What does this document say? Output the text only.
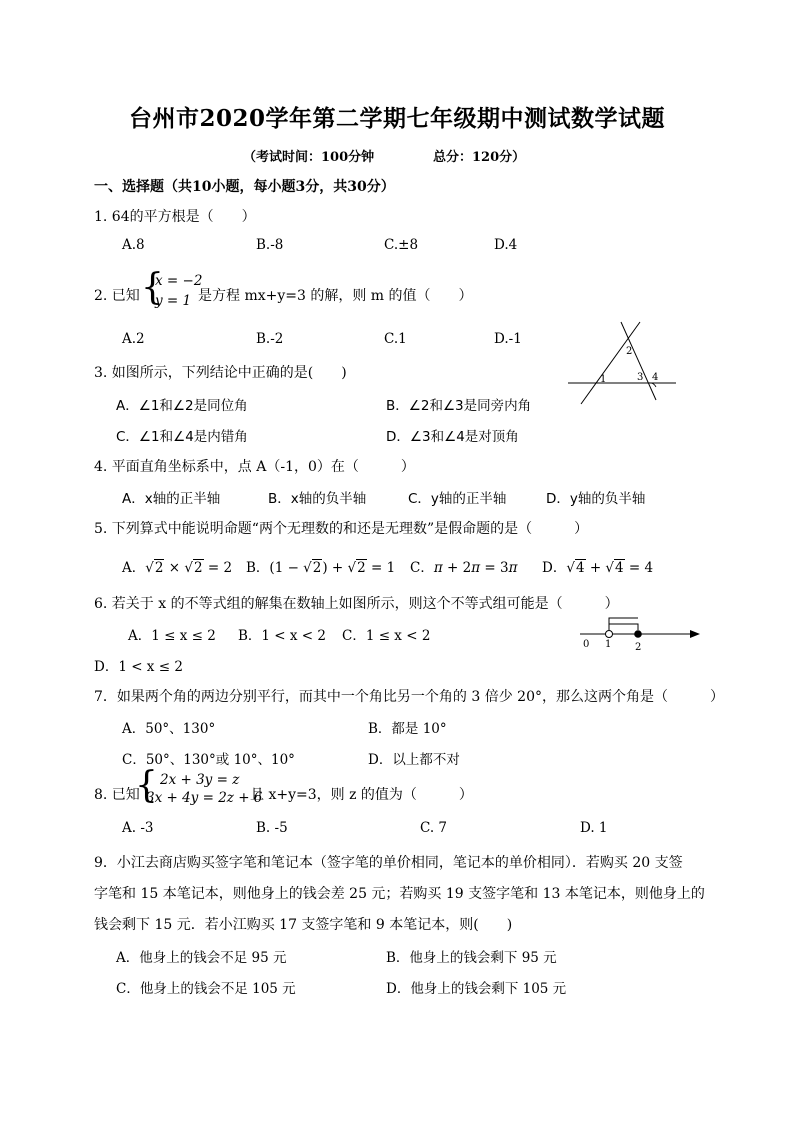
台州市2020学年第二学期七年级期中测试数学试题
（考试时间：100分钟	总分：120分）
一、选择题（共10小题，每小题3分，共30分）
1. 64的平方根是（　　）
A.8	B.-8	C.±8	D.4
2. 已知 {
x = −2
y = 1 是方程 mx+y=3 的解，则 m 的值（　　）
A.2	B.-2	C.1	D.-1
1
2
3 4
3. 如图所示，下列结论中正确的是(　　)
A．∠1和∠2是同位角	B．∠2和∠3是同旁内角
C．∠1和∠4是内错角	D．∠3和∠4是对顶角
4. 平面直角坐标系中，点 A（-1，0）在（　　　）
A．x轴的正半轴	B．x轴的负半轴	C．y轴的正半轴	D．y轴的负半轴
5. 下列算式中能说明命题“两个无理数的和还是无理数”是假命题的是（　　　）
A．√2 × √2 = 2 B．(1 − √2) + √2 = 1 C．π + 2π = 3π D．√4 + √4 = 4
6. 若关于 x 的不等式组的解集在数轴上如图所示，则这个不等式组可能是（　　　）
A．1 ≤ x ≤ 2 B．1 < x < 2 C．1 ≤ x < 2
D．1 < x ≤ 2
0 1 2
7．如果两个角的两边分别平行，而其中一个角比另一个角的 3 倍少 20°，那么这两个角是（　　　）
A．50°、130°	B．都是 10°
C．50°、130°或 10°、10°	D．以上都不对
8. 已知
{ 2x + 3y = z
3x + 4y = 2z + 6
且 x+y=3，则 z 的值为（　　　）
A. -3	B. -5	C. 7	D. 1
9．小江去商店购买签字笔和笔记本（签字笔的单价相同，笔记本的单价相同）．若购买 20 支签
字笔和 15 本笔记本，则他身上的钱会差 25 元；若购买 19 支签字笔和 13 本笔记本，则他身上的
钱会剩下 15 元．若小江购买 17 支签字笔和 9 本笔记本，则(　　)
A．他身上的钱会不足 95 元	B．他身上的钱会剩下 95 元
C．他身上的钱会不足 105 元	D．他身上的钱会剩下 105 元
